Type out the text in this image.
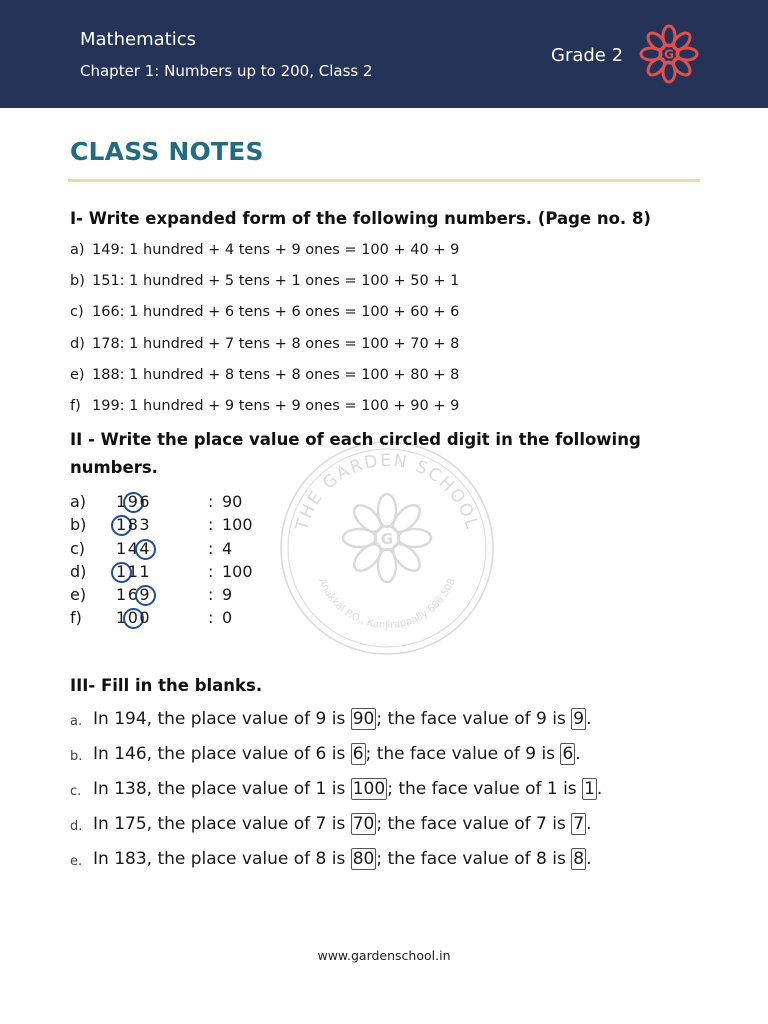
Mathematics
Chapter 1: Numbers up to 200, Class 2
Grade 2	G
CLASS NOTES
I- Write expanded form of the following numbers. (Page no. 8)
a) 149: 1 hundred + 4 tens + 9 ones = 100 + 40 + 9
b) 151: 1 hundred + 5 tens + 1 ones = 100 + 50 + 1
c) 166: 1 hundred + 6 tens + 6 ones = 100 + 60 + 6
d) 178: 1 hundred + 7 tens + 8 ones = 100 + 70 + 8
e) 188: 1 hundred + 8 tens + 8 ones = 100 + 80 + 8
f) 199: 1 hundred + 9 tens + 9 ones = 100 + 90 + 9
THE GARDEN SCHOOL
Anakkal P.O., Kanjirappally 686 508
G
II - Write the place value of each circled digit in the following numbers.
a) 196	: 90
b) 183	: 100
c) 144	: 4
d) 111	: 100
e) 169	: 9
f) 100	: 0
III- Fill in the blanks.
a. In 194, the place value of 9 is 90 ; the face value of 9 is 9 .
b. In 146, the place value of 6 is 6 ; the face value of 9 is 6 .
c. In 138, the place value of 1 is 100 ; the face value of 1 is 1 .
d. In 175, the place value of 7 is 70 ; the face value of 7 is 7 .
e. In 183, the place value of 8 is 80 ; the face value of 8 is 8 .
www.gardenschool.in
